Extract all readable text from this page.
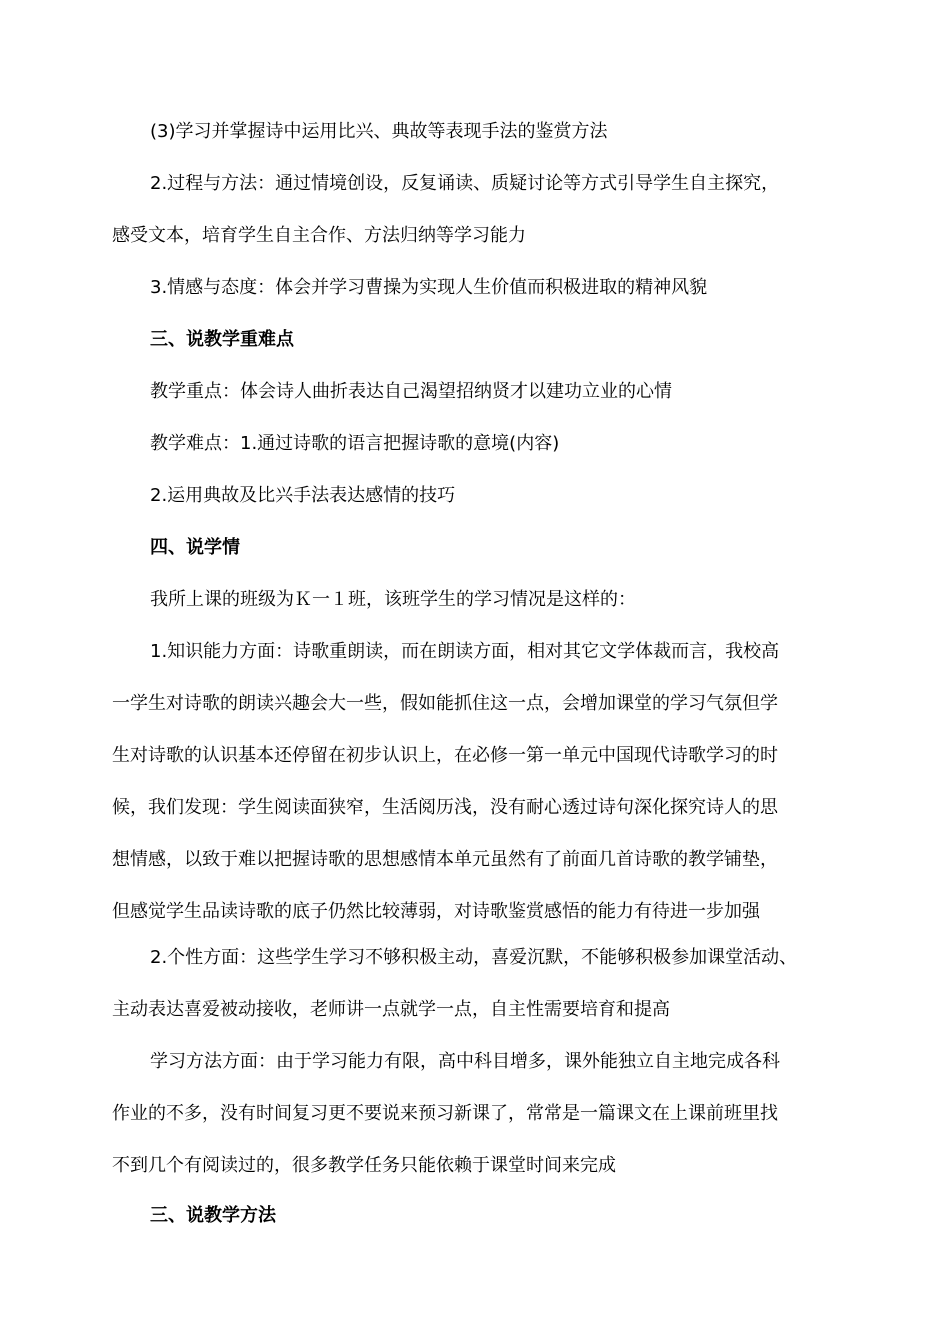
(3)学习并掌握诗中运用比兴、典故等表现手法的鉴赏方法
2.过程与方法：通过情境创设，反复诵读、质疑讨论等方式引导学生自主探究，
感受文本，培育学生自主合作、方法归纳等学习能力
3.情感与态度：体会并学习曹操为实现人生价值而积极进取的精神风貌
三、说教学重难点
教学重点：体会诗人曲折表达自己渴望招纳贤才以建功立业的心情
教学难点：1.通过诗歌的语言把握诗歌的意境(内容)
2.运用典故及比兴手法表达感情的技巧
四、说学情
我所上课的班级为Ｋ一１班，该班学生的学习情况是这样的：
1.知识能力方面：诗歌重朗读，而在朗读方面，相对其它文学体裁而言，我校高
一学生对诗歌的朗读兴趣会大一些，假如能抓住这一点，会增加课堂的学习气氛但学
生对诗歌的认识基本还停留在初步认识上，在必修一第一单元中国现代诗歌学习的时
候，我们发现：学生阅读面狭窄，生活阅历浅，没有耐心透过诗句深化探究诗人的思
想情感，以致于难以把握诗歌的思想感情本单元虽然有了前面几首诗歌的教学铺垫，
但感觉学生品读诗歌的底子仍然比较薄弱，对诗歌鉴赏感悟的能力有待进一步加强
2.个性方面：这些学生学习不够积极主动，喜爱沉默，不能够积极参加课堂活动、
主动表达喜爱被动接收，老师讲一点就学一点，自主性需要培育和提高
学习方法方面：由于学习能力有限，高中科目增多，课外能独立自主地完成各科
作业的不多，没有时间复习更不要说来预习新课了，常常是一篇课文在上课前班里找
不到几个有阅读过的，很多教学任务只能依赖于课堂时间来完成
三、说教学方法
